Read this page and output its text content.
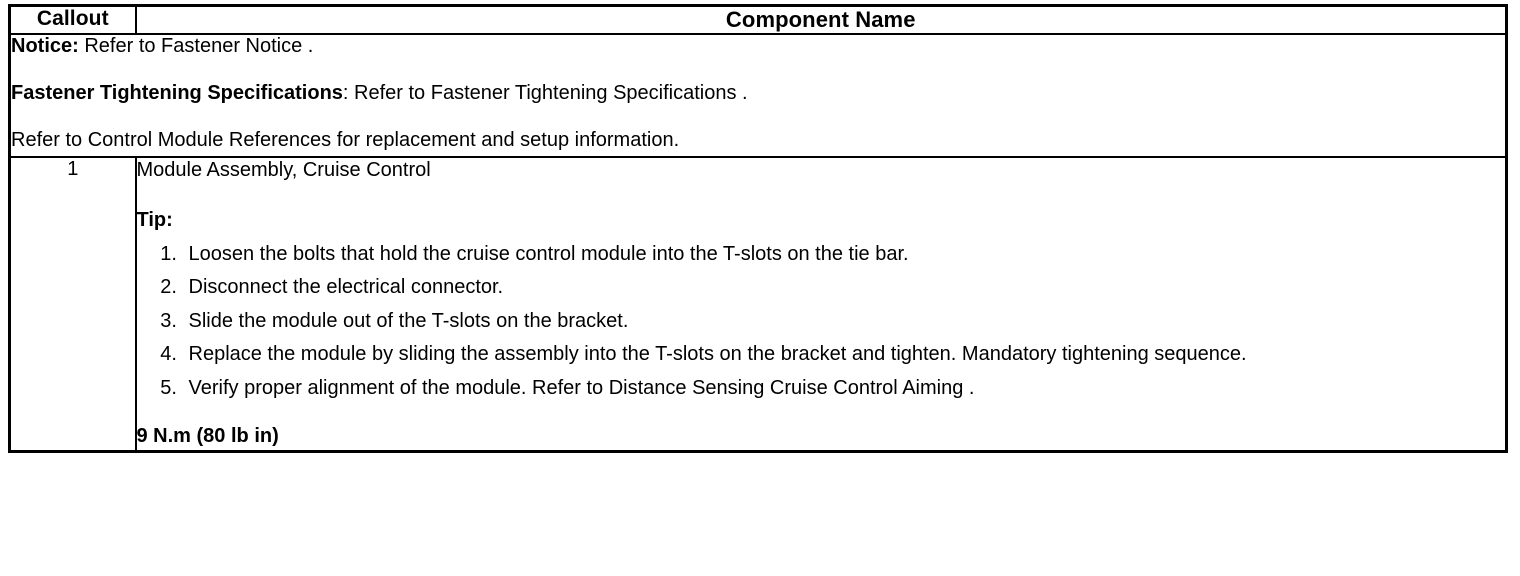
Callout	Component Name

Notice: Refer to Fastener Notice .

Fastener Tightening Specifications: Refer to Fastener Tightening Specifications .

Refer to Control Module References for replacement and setup information.	

1	Module Assembly, Cruise Control

Tip:

1. Loosen the bolts that hold the cruise control module into the T-slots on the tie bar.
2. Disconnect the electrical connector.
3. Slide the module out of the T-slots on the bracket.
4. Replace the module by sliding the assembly into the T-slots on the bracket and tighten. Mandatory tightening sequence.
5. Verify proper alignment of the module. Refer to Distance Sensing Cruise Control Aiming .

9 N.m (80 lb in)
